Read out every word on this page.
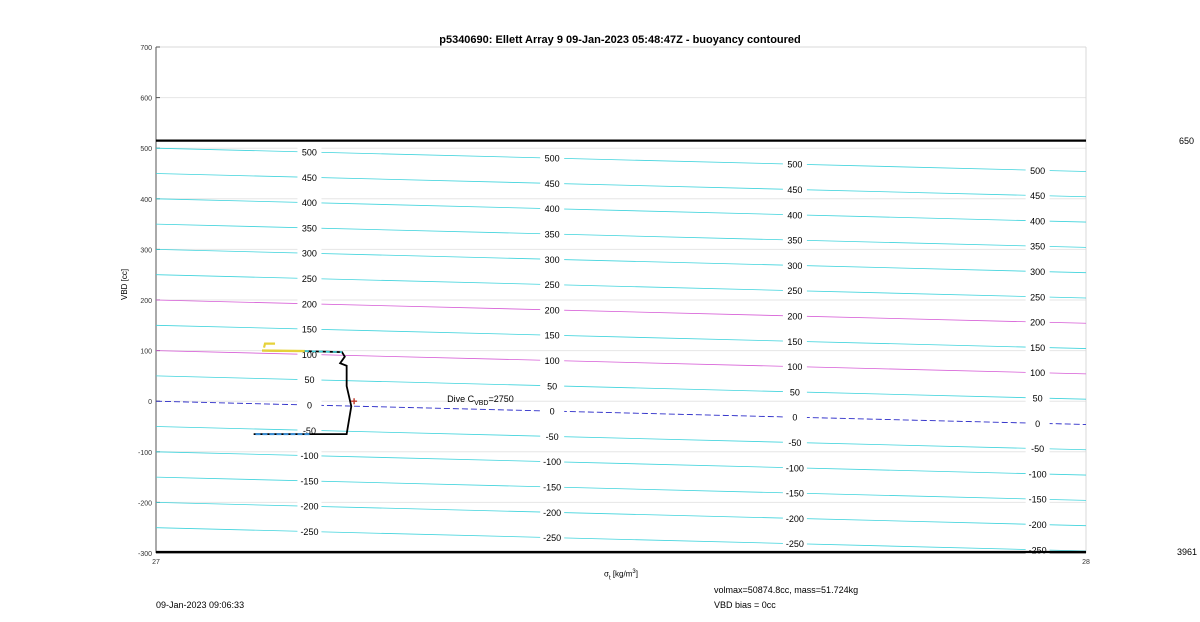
p5340690: Ellett Array 9 09-Jan-2023 05:48:47Z - buoyancy contoured
VBD [cc]
$\sigma_t$ $[kg/m^3]$
650
3961
09-Jan-2023 09:06:33
volmax=50874.8cc, mass=51.724kg
VBD bias = 0cc
-300
-200
-100
0
100
200
300
400
500
600
700
27	28
-250
-200
-150
-100
-50
0
50
100
150
200
250
300
350
400
450
500
-250
-200
-150
-100
-50
0
50
100
150
200
250
300
350
400
450
500
-250
-200
-150
-100
-50
0
50
100
150
200
250
300
350
400
450
500
-250
-200
-150
-100
-50
0
50
100
150
200
250
300
350
400
450
500
Dive $C_{VBD}=2750$
